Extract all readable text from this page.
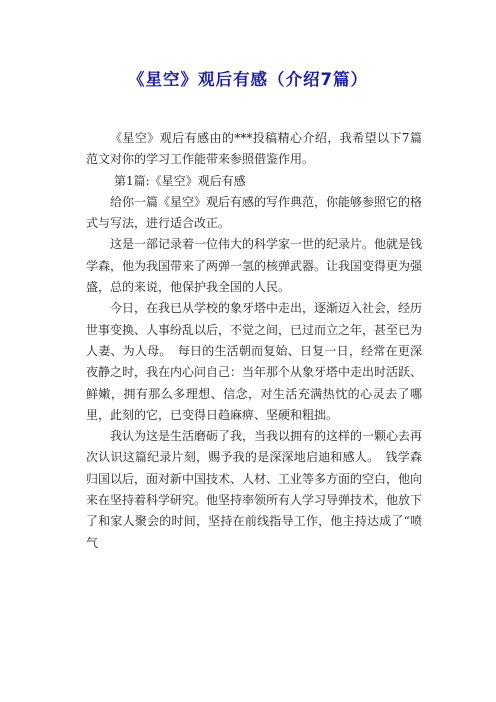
《星空》观后有感（介绍7篇）

《星空》观后有感由的***投稿精心介绍，我希望以下7篇范文对你的学习工作能带来参照借鉴作用。

第1篇:《星空》观后有感

给你一篇《星空》观后有感的写作典范，你能够参照它的格式与写法，进行适合改正。

这是一部记录着一位伟大的科学家一世的纪录片。他就是钱学森，他为我国带来了两弹一氢的核弹武器。让我国变得更为强盛，总的来说，他保护我全国的人民。

今日，在我已从学校的象牙塔中走出，逐渐迈入社会，经历世事变换、人事纷乱以后，不觉之间，已过而立之年，甚至已为人妻、为人母。　每日的生活朝而复始、日复一日，经常在更深夜静之时，我在内心问自己：当年那个从象牙塔中走出时活跃、鲜嫩，拥有那么多理想、信念，对生活充满热忱的心灵去了哪里，此刻的它，已变得日趋麻痹、坚硬和粗拙。

我认为这是生活磨砺了我，当我以拥有的这样的一颗心去再次认识这篇纪录片刻，赐予我的是深深地启迪和感人。　钱学森归国以后，面对新中国技术、人材、工业等多方面的空白，他向来在坚持着科学研究。他坚持率领所有人学习导弹技术，他放下了和家人聚会的时间，坚持在前线指导工作，他主持达成了“喷气
